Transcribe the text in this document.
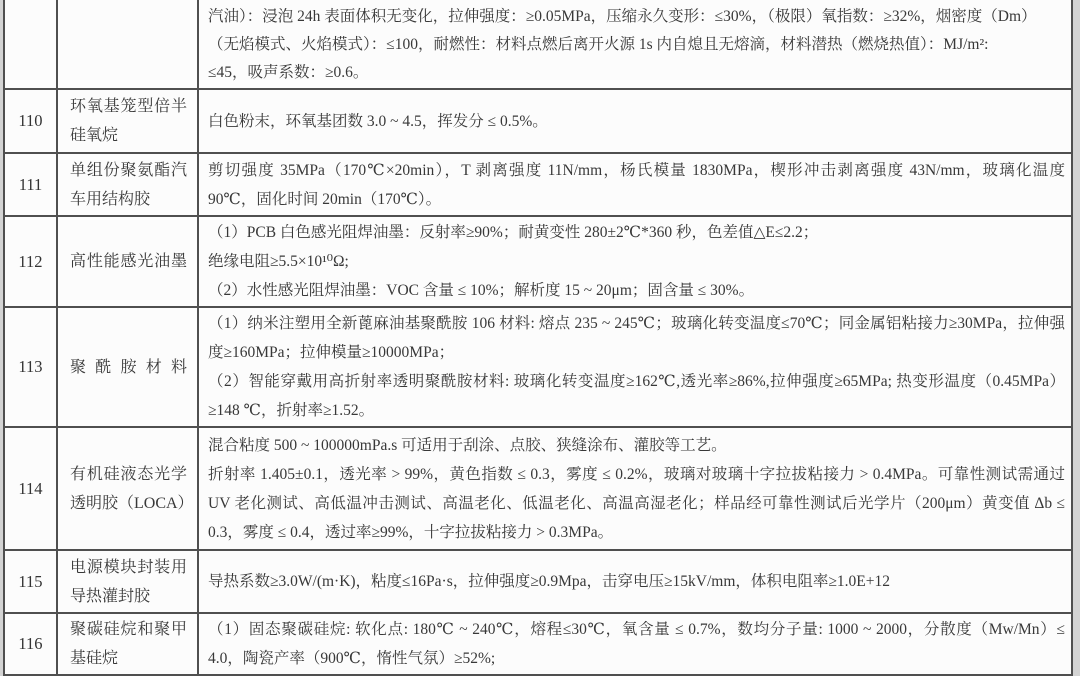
		汽油）：浸泡 24h 表面体积无变化，拉伸强度：≥0.05MPa，压缩永久变形：≤30%，（极限）氧指数：≥32%，烟密度（Dm）

（无焰模式、火焰模式）：≤100，耐燃性：材料点燃后离开火源 1s 内自熄且无熔滴，材料潜热（燃烧热值）：MJ/m²:

≤45，吸声系数：≥0.6。

110	环氧基笼型倍半硅氧烷	白色粉末，环氧基团数 3.0 ~ 4.5，挥发分 ≤ 0.5%。

111	单组份聚氨酯汽车用结构胶	剪切强度 35MPa（170℃×20min），T 剥离强度 11N/mm，杨氏模量 1830MPa，楔形冲击剥离强度 43N/mm，玻璃化温度 90℃，固化时间 20min（170℃）。

112	高性能感光油墨	（1）PCB 白色感光阻焊油墨：反射率≥90%；耐黄变性 280±2℃*360 秒，色差值△E≤2.2；

绝缘电阻≥5.5×10¹⁰Ω;

（2）水性感光阻焊油墨：VOC 含量 ≤ 10%；解析度 15 ~ 20μm；固含量 ≤ 30%。

113	聚酰胺材料	（1）纳米注塑用全新蓖麻油基聚酰胺 106 材料: 熔点 235 ~ 245℃；玻璃化转变温度≤70℃；同金属铝粘接力≥30MPa，拉伸强度≥160MPa；拉伸模量≥10000MPa；

（2）智能穿戴用高折射率透明聚酰胺材料: 玻璃化转变温度≥162℃,透光率≥86%,拉伸强度≥65MPa; 热变形温度（0.45MPa）≥148 ℃，折射率≥1.52。

114	有机硅液态光学透明胶（LOCA）	混合粘度 500 ~ 100000mPa.s 可适用于刮涂、点胶、狭缝涂布、灌胶等工艺。

折射率 1.405±0.1，透光率 > 99%，黄色指数 ≤ 0.3，雾度 ≤ 0.2%，玻璃对玻璃十字拉拔粘接力 > 0.4MPa。可靠性测试需通过 UV 老化测试、高低温冲击测试、高温老化、低温老化、高温高湿老化；样品经可靠性测试后光学片（200μm）黄变值 Δb ≤ 0.3，雾度 ≤ 0.4，透过率≥99%，十字拉拔粘接力 > 0.3MPa。

115	电源模块封装用导热灌封胶	导热系数≥3.0W/(m·K)，粘度≤16Pa·s，拉伸强度≥0.9Mpa，击穿电压≥15kV/mm，体积电阻率≥1.0E+12

116	聚碳硅烷和聚甲基硅烷	（1）固态聚碳硅烷: 软化点: 180℃ ~ 240℃，熔程≤30℃，氧含量 ≤ 0.7%，数均分子量: 1000 ~ 2000，分散度（Mw/Mn）≤ 4.0，陶瓷产率（900℃，惰性气氛）≥52%;
